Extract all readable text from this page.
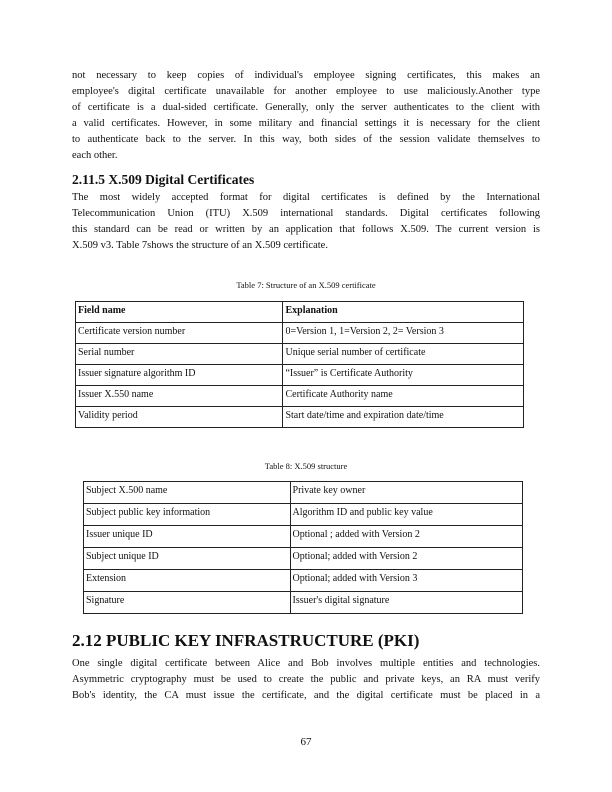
not necessary to keep copies of individual's employee signing certificates, this makes an
employee's digital certificate unavailable for another employee to use maliciously.Another type
of certificate is a dual-sided certificate. Generally, only the server authenticates to the client with
a valid certificates. However, in some military and financial settings it is necessary for the client
to authenticate back to the server. In this way, both sides of the session validate themselves to
each other.

2.11.5 X.509 Digital Certificates

The most widely accepted format for digital certificates is defined by the International
Telecommunication Union (ITU) X.509 international standards. Digital certificates following
this standard can be read or written by an application that follows X.509. The current version is
X.509 v3. Table 7shows the structure of an X.509 certificate.

Table 7: Structure of an X.509 certificate
Field name	Explanation
Certificate version number	0=Version 1, 1=Version 2, 2= Version 3
Serial number	Unique serial number of certificate
Issuer signature algorithm ID	“Issuer” is Certificate Authority
Issuer X.550 name	Certificate Authority name
Validity period	Start date/time and expiration date/time
Table 8: X.509 structure
Subject X.500 name	Private key owner
Subject public key information	Algorithm ID and public key value
Issuer unique ID	Optional ; added with Version 2
Subject unique ID	Optional; added with Version 2
Extension	Optional; added with Version 3
Signature	Issuer's digital signature
2.12 PUBLIC KEY INFRASTRUCTURE (PKI)

One single digital certificate between Alice and Bob involves multiple entities and technologies.
Asymmetric cryptography must be used to create the public and private keys, an RA must verify
Bob's identity, the CA must issue the certificate, and the digital certificate must be placed in a

67
